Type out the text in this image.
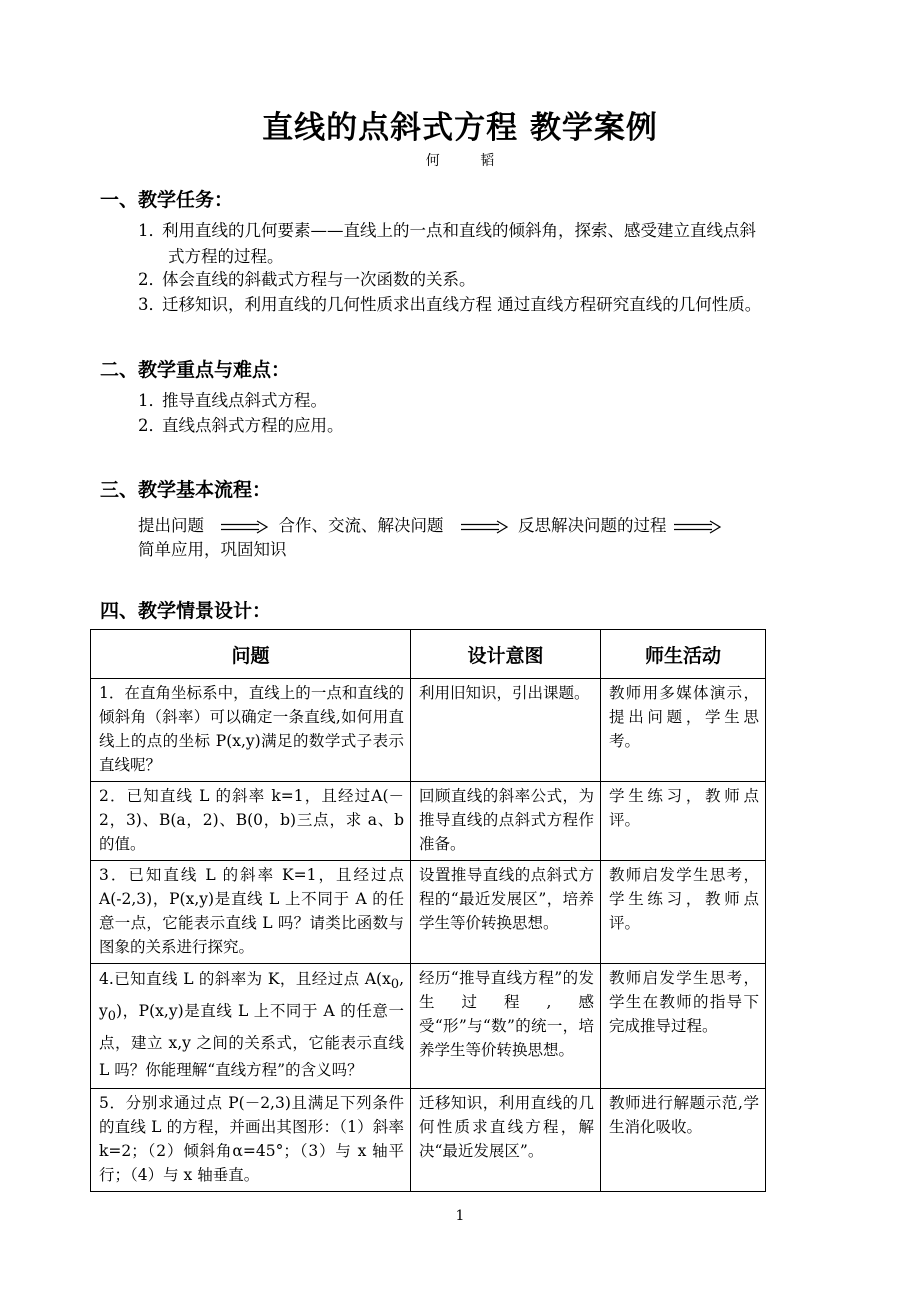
直线的点斜式方程 教学案例
何 韬
一、教学任务：
1．利用直线的几何要素——直线上的一点和直线的倾斜角，探索、感受建立直线点斜
式方程的过程。
2．体会直线的斜截式方程与一次函数的关系。
3．迁移知识，利用直线的几何性质求出直线方程 通过直线方程研究直线的几何性质。
二、教学重点与难点：
1．推导直线点斜式方程。
2．直线点斜式方程的应用。
三、教学基本流程：
提出问题	合作、交流、解决问题	反思解决问题的过程
简单应用，巩固知识
四、教学情景设计：
问题	设计意图	师生活动
1．在直角坐标系中，直线上的一点和直线的倾斜角（斜率）可以确定一条直线,如何用直线上的点的坐标 P(x,y)满足的数学式子表示直线呢？	利用旧知识，引出课题。	教师用多媒体演示，提出问题，学生思考。
2．已知直线 L 的斜率 k=1，且经过A(－2，3)、B(a，2)、B(0，b)三点，求 a、b 的值。	回顾直线的斜率公式，为推导直线的点斜式方程作准备。	学生练习，教师点评。
3．已知直线 L 的斜率 K=1，且经过点 A(-2,3)，P(x,y)是直线 L 上不同于 A 的任意一点，它能表示直线 L 吗？请类比函数与图象的关系进行探究。	设置推导直线的点斜式方程的“最近发展区”，培养学生等价转换思想。	教师启发学生思考，学生练习，教师点评。
4.已知直线 L 的斜率为 K，且经过点 $A(x_0$, $y_0$)，P(x,y)是直线 L 上不同于 A 的任意一点，建立 x,y 之间的关系式，它能表示直线 L 吗？你能理解“直线方程”的含义吗？	经历“推导直线方程”的发生过程,感受“形”与“数”的统一，培养学生等价转换思想。	教师启发学生思考，学生在教师的指导下完成推导过程。
5．分别求通过点 P(－2,3)且满足下列条件的直线 L 的方程，并画出其图形：（1）斜率 k=2；（2）倾斜角α=45°；（3）与 x 轴平行；（4）与 x 轴垂直。	迁移知识，利用直线的几何性质求直线方程，解决“最近发展区”。	教师进行解题示范,学生消化吸收。
1
